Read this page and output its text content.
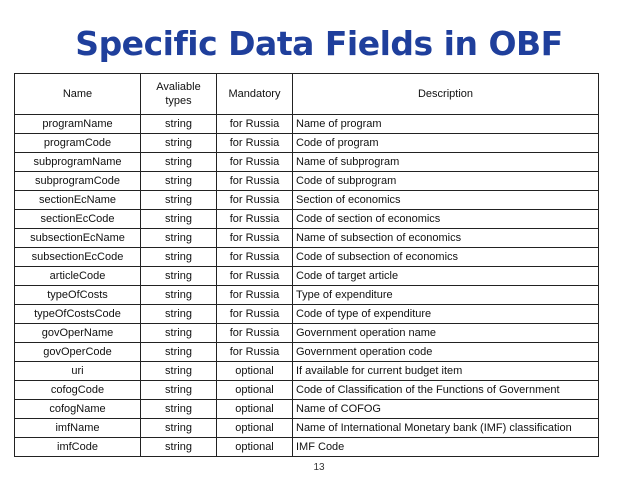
Specific Data Fields in OBF
Name	Avaliable types	Mandatory	Description
programName	string	for Russia	Name of program
programCode	string	for Russia	Code of program
subprogramName	string	for Russia	Name of subprogram
subprogramCode	string	for Russia	Code of subprogram
sectionEcName	string	for Russia	Section of economics
sectionEcCode	string	for Russia	Code of section of economics
subsectionEcName	string	for Russia	Name of subsection of economics
subsectionEcCode	string	for Russia	Code of subsection of economics
articleCode	string	for Russia	Code of target article
typeOfCosts	string	for Russia	Type of expenditure
typeOfCostsCode	string	for Russia	Code of type of expenditure
govOperName	string	for Russia	Government operation name
govOperCode	string	for Russia	Government operation code
uri	string	optional	If available for current budget item
cofogCode	string	optional	Code of Classification of the Functions of Government
cofogName	string	optional	Name of COFOG
imfName	string	optional	Name of International Monetary bank (IMF) classification
imfCode	string	optional	IMF Code
13
